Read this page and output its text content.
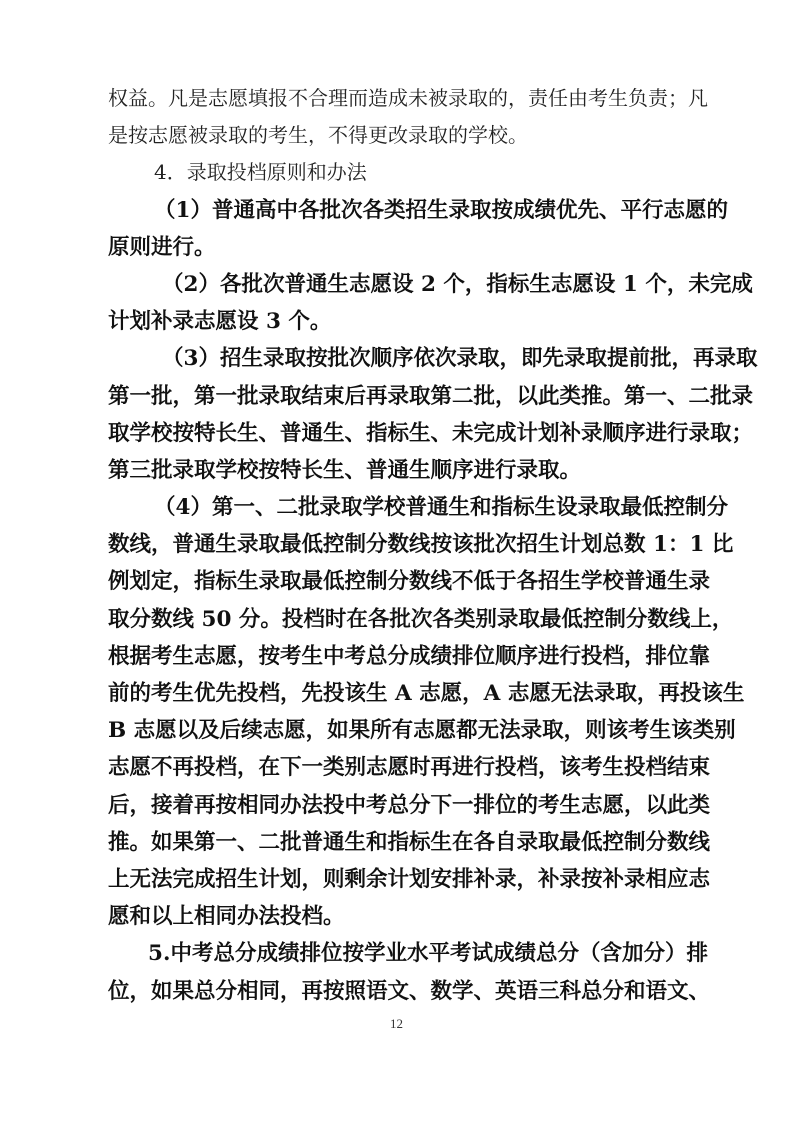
权益。凡是志愿填报不合理而造成未被录取的，责任由考生负责；凡
是按志愿被录取的考生，不得更改录取的学校。
4．录取投档原则和办法
（1）普通高中各批次各类招生录取按成绩优先、平行志愿的
原则进行。
（2）各批次普通生志愿设 2 个，指标生志愿设 1 个，未完成
计划补录志愿设 3 个。
（3）招生录取按批次顺序依次录取，即先录取提前批，再录取
第一批，第一批录取结束后再录取第二批，以此类推。第一、二批录
取学校按特长生、普通生、指标生、未完成计划补录顺序进行录取；
第三批录取学校按特长生、普通生顺序进行录取。
（4）第一、二批录取学校普通生和指标生设录取最低控制分
数线，普通生录取最低控制分数线按该批次招生计划总数 1：1 比
例划定，指标生录取最低控制分数线不低于各招生学校普通生录
取分数线 50 分。投档时在各批次各类别录取最低控制分数线上，
根据考生志愿，按考生中考总分成绩排位顺序进行投档，排位靠
前的考生优先投档，先投该生 A 志愿，A 志愿无法录取，再投该生
B 志愿以及后续志愿，如果所有志愿都无法录取，则该考生该类别
志愿不再投档，在下一类别志愿时再进行投档，该考生投档结束
后，接着再按相同办法投中考总分下一排位的考生志愿，以此类
推。如果第一、二批普通生和指标生在各自录取最低控制分数线
上无法完成招生计划，则剩余计划安排补录，补录按补录相应志
愿和以上相同办法投档。
5.中考总分成绩排位按学业水平考试成绩总分（含加分）排
位，如果总分相同，再按照语文、数学、英语三科总分和语文、
12
